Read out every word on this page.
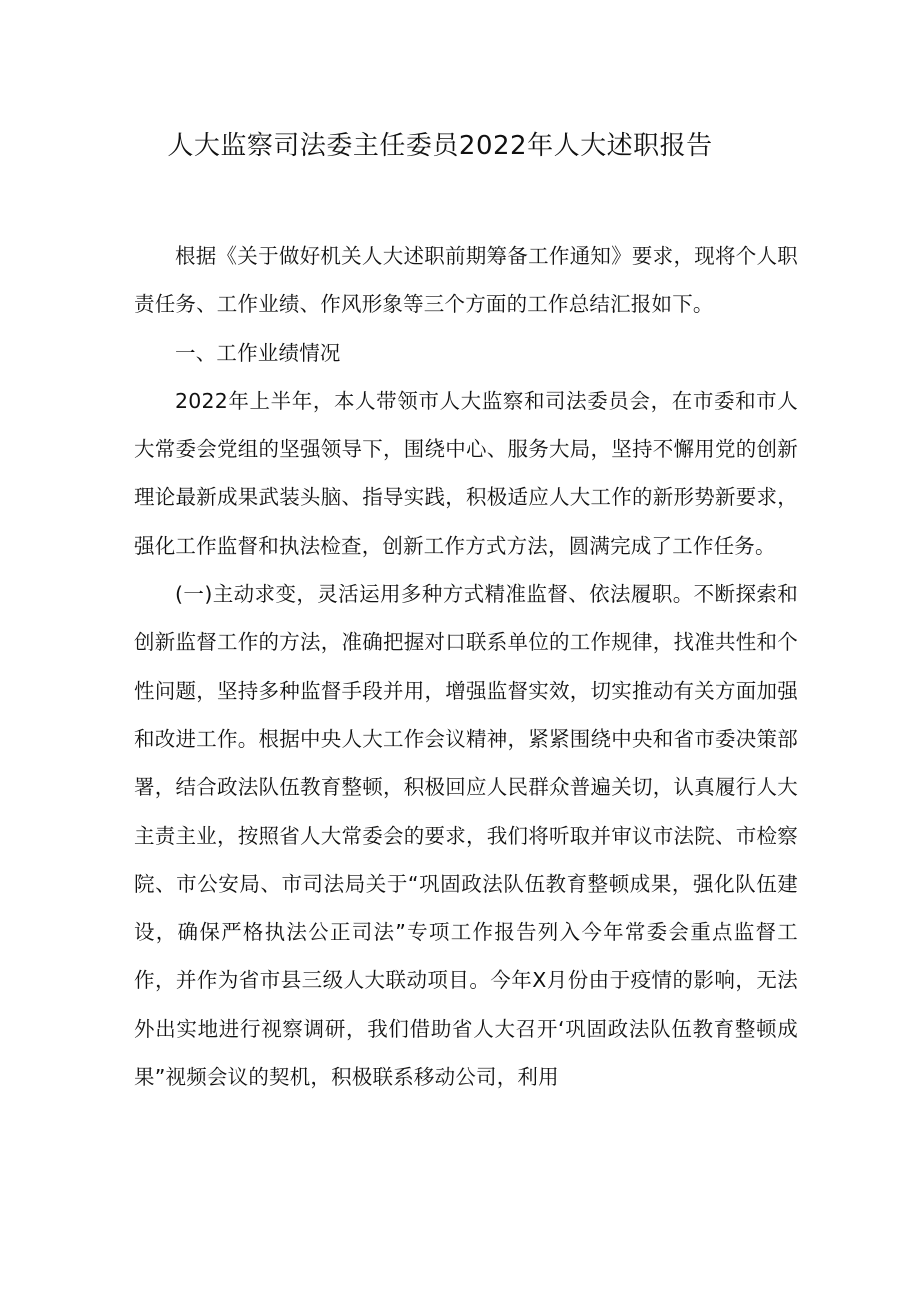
人大监察司法委主任委员2022年人大述职报告

根据《关于做好机关人大述职前期筹备工作通知》要求，现将个人职责任务、工作业绩、作风形象等三个方面的工作总结汇报如下。

一、工作业绩情况

2022年上半年，本人带领市人大监察和司法委员会，在市委和市人大常委会党组的坚强领导下，围绕中心、服务大局，坚持不懈用党的创新理论最新成果武装头脑、指导实践，积极适应人大工作的新形势新要求，强化工作监督和执法检查，创新工作方式方法，圆满完成了工作任务。

(一)主动求变，灵活运用多种方式精准监督、依法履职。不断探索和创新监督工作的方法，准确把握对口联系单位的工作规律，找准共性和个性问题，坚持多种监督手段并用，增强监督实效，切实推动有关方面加强和改进工作。根据中央人大工作会议精神，紧紧围绕中央和省市委决策部署，结合政法队伍教育整顿，积极回应人民群众普遍关切，认真履行人大主责主业，按照省人大常委会的要求，我们将听取并审议市法院、市检察院、市公安局、市司法局关于“巩固政法队伍教育整顿成果，强化队伍建设，确保严格执法公正司法”专项工作报告列入今年常委会重点监督工作，并作为省市县三级人大联动项目。今年X月份由于疫情的影响，无法外出实地进行视察调研，我们借助省人大召开‘巩固政法队伍教育整顿成果”视频会议的契机，积极联系移动公司，利用
